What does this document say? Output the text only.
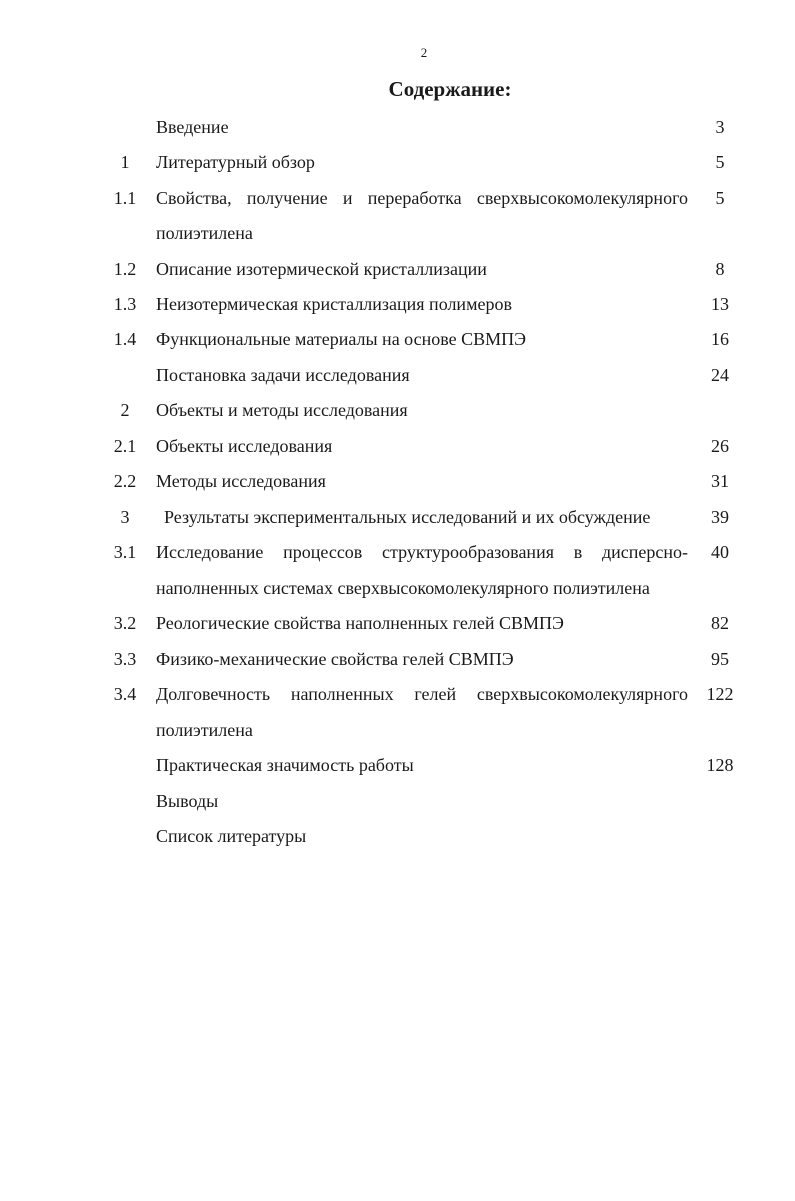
2
Содержание:
Введение	3
1	Литературный обзор	5
1.1	Свойства, получение и переработка сверхвысокомолекулярного	5
полиэтилена
1.2	Описание изотермической кристаллизации	8
1.3	Неизотермическая кристаллизация полимеров	13
1.4	Функциональные материалы на основе СВМПЭ	16
Постановка задачи исследования	24
2	Объекты и методы исследования
2.1	Объекты исследования	26
2.2	Методы исследования	31
3	Результаты экспериментальных исследований и их обсуждение	39
3.1	Исследование процессов структурообразования в дисперсно-	40
наполненных системах сверхвысокомолекулярного полиэтилена
3.2	Реологические свойства наполненных гелей СВМПЭ	82
3.3	Физико-механические свойства гелей СВМПЭ	95
3.4	Долговечность наполненных гелей сверхвысокомолекулярного	122
полиэтилена
Практическая значимость работы	128
Выводы
Список литературы
